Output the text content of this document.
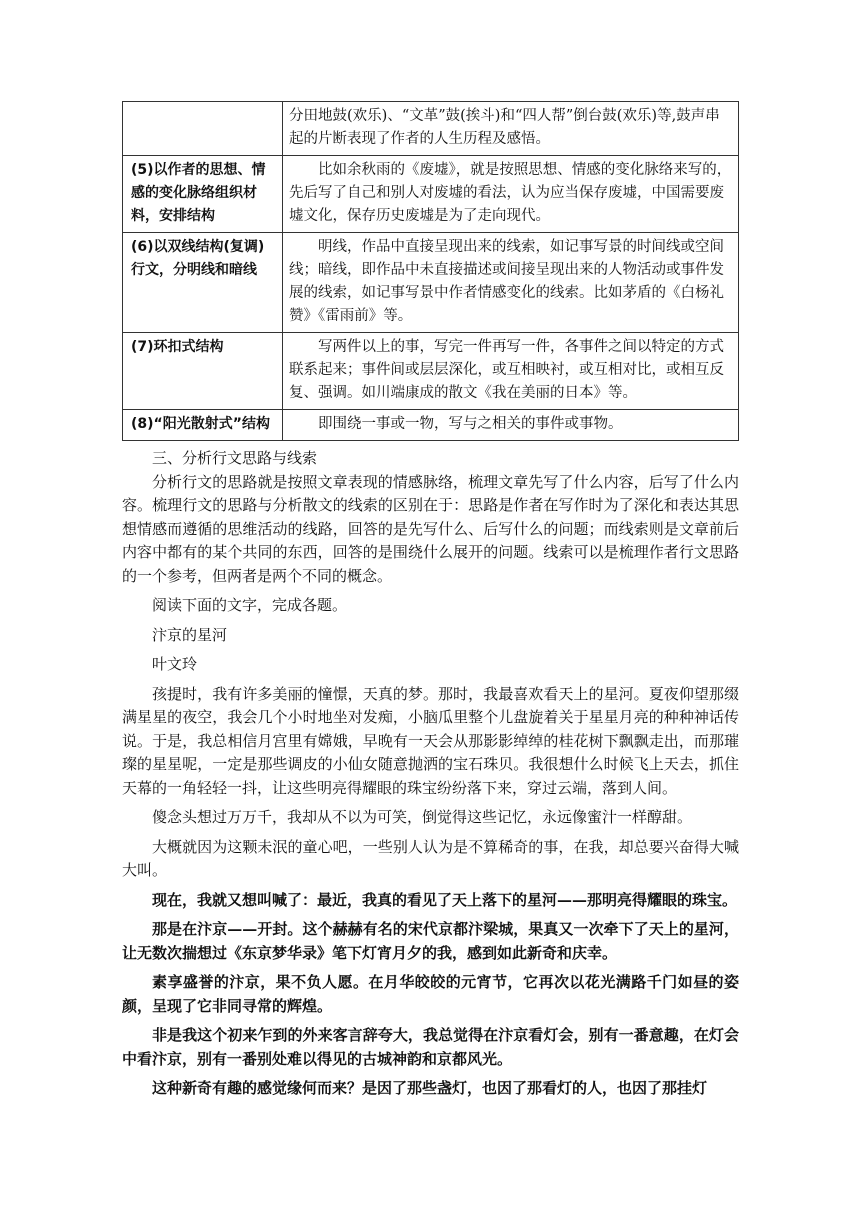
	分田地鼓(欢乐)、“文革”鼓(挨斗)和“四人帮”倒台鼓(欢乐)等,鼓声串起的片断表现了作者的人生历程及感悟。
(5)以作者的思想、情感的变化脉络组织材料，安排结构	比如余秋雨的《废墟》，就是按照思想、情感的变化脉络来写的，先后写了自己和别人对废墟的看法，认为应当保存废墟，中国需要废墟文化，保存历史废墟是为了走向现代。
(6)以双线结构(复调)行文，分明线和暗线	明线，作品中直接呈现出来的线索，如记事写景的时间线或空间线；暗线，即作品中未直接描述或间接呈现出来的人物活动或事件发展的线索，如记事写景中作者情感变化的线索。比如茅盾的《白杨礼赞》《雷雨前》等。
(7)环扣式结构	写两件以上的事，写完一件再写一件，各事件之间以特定的方式联系起来；事件间或层层深化，或互相映衬，或互相对比，或相互反复、强调。如川端康成的散文《我在美丽的日本》等。
(8)“阳光散射式”结构	即围绕一事或一物，写与之相关的事件或事物。

三、分析行文思路与线索

分析行文的思路就是按照文章表现的情感脉络，梳理文章先写了什么内容，后写了什么内容。梳理行文的思路与分析散文的线索的区别在于：思路是作者在写作时为了深化和表达其思想情感而遵循的思维活动的线路，回答的是先写什么、后写什么的问题；而线索则是文章前后内容中都有的某个共同的东西，回答的是围绕什么展开的问题。线索可以是梳理作者行文思路的一个参考，但两者是两个不同的概念。

阅读下面的文字，完成各题。

汴京的星河

叶文玲

孩提时，我有许多美丽的憧憬，天真的梦。那时，我最喜欢看天上的星河。夏夜仰望那缀满星星的夜空，我会几个小时地坐对发痴，小脑瓜里整个儿盘旋着关于星星月亮的种种神话传说。于是，我总相信月宫里有嫦娥，早晚有一天会从那影影绰绰的桂花树下飘飘走出，而那璀璨的星星呢，一定是那些调皮的小仙女随意抛洒的宝石珠贝。我很想什么时候飞上天去，抓住天幕的一角轻轻一抖，让这些明亮得耀眼的珠宝纷纷落下来，穿过云端，落到人间。

傻念头想过万万千，我却从不以为可笑，倒觉得这些记忆，永远像蜜汁一样醇甜。

大概就因为这颗未泯的童心吧，一些别人认为是不算稀奇的事，在我，却总要兴奋得大喊大叫。

现在，我就又想叫喊了：最近，我真的看见了天上落下的星河——那明亮得耀眼的珠宝。

那是在汴京——开封。这个赫赫有名的宋代京都汴梁城，果真又一次牵下了天上的星河，让无数次揣想过《东京梦华录》笔下灯宵月夕的我，感到如此新奇和庆幸。

素享盛誉的汴京，果不负人愿。在月华皎皎的元宵节，它再次以花光满路千门如昼的姿颜，呈现了它非同寻常的辉煌。

非是我这个初来乍到的外来客言辞夸大，我总觉得在汴京看灯会，别有一番意趣，在灯会中看汴京，别有一番别处难以得见的古城神韵和京都风光。

这种新奇有趣的感觉缘何而来？是因了那些盏灯，也因了那看灯的人，也因了那挂灯
